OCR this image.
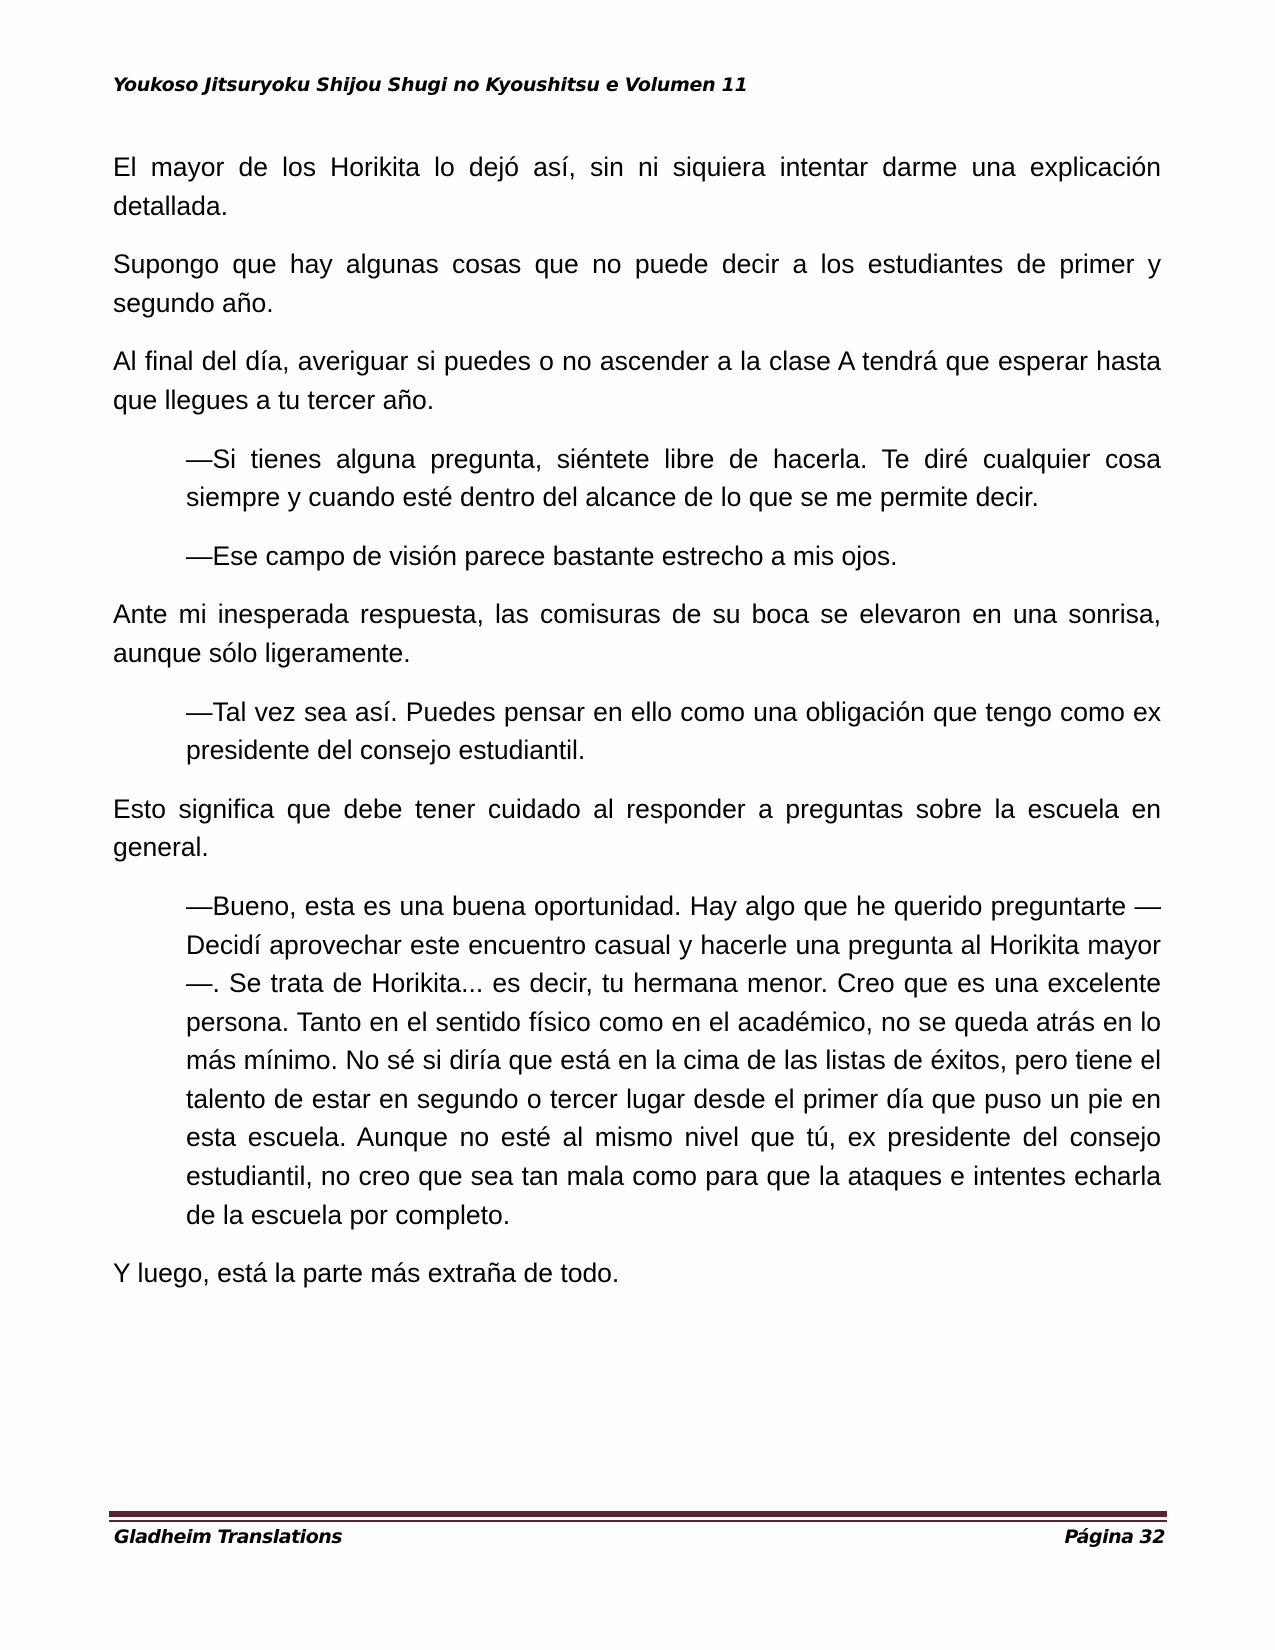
Youkoso Jitsuryoku Shijou Shugi no Kyoushitsu e Volumen 11

El mayor de los Horikita lo dejó así, sin ni siquiera intentar darme una explicación detallada.

Supongo que hay algunas cosas que no puede decir a los estudiantes de primer y segundo año.

Al final del día, averiguar si puedes o no ascender a la clase A tendrá que esperar hasta que llegues a tu tercer año.

—Si tienes alguna pregunta, siéntete libre de hacerla. Te diré cualquier cosa siempre y cuando esté dentro del alcance de lo que se me permite decir.

—Ese campo de visión parece bastante estrecho a mis ojos.

Ante mi inesperada respuesta, las comisuras de su boca se elevaron en una sonrisa, aunque sólo ligeramente.

—Tal vez sea así. Puedes pensar en ello como una obligación que tengo como ex presidente del consejo estudiantil.

Esto significa que debe tener cuidado al responder a preguntas sobre la escuela en general.

—Bueno, esta es una buena oportunidad. Hay algo que he querido preguntarte —Decidí aprovechar este encuentro casual y hacerle una pregunta al Horikita mayor—. Se trata de Horikita... es decir, tu hermana menor. Creo que es una excelente persona. Tanto en el sentido físico como en el académico, no se queda atrás en lo más mínimo. No sé si diría que está en la cima de las listas de éxitos, pero tiene el talento de estar en segundo o tercer lugar desde el primer día que puso un pie en esta escuela. Aunque no esté al mismo nivel que tú, ex presidente del consejo estudiantil, no creo que sea tan mala como para que la ataques e intentes echarla de la escuela por completo.

Y luego, está la parte más extraña de todo.

Gladheim Translations	Página 32
